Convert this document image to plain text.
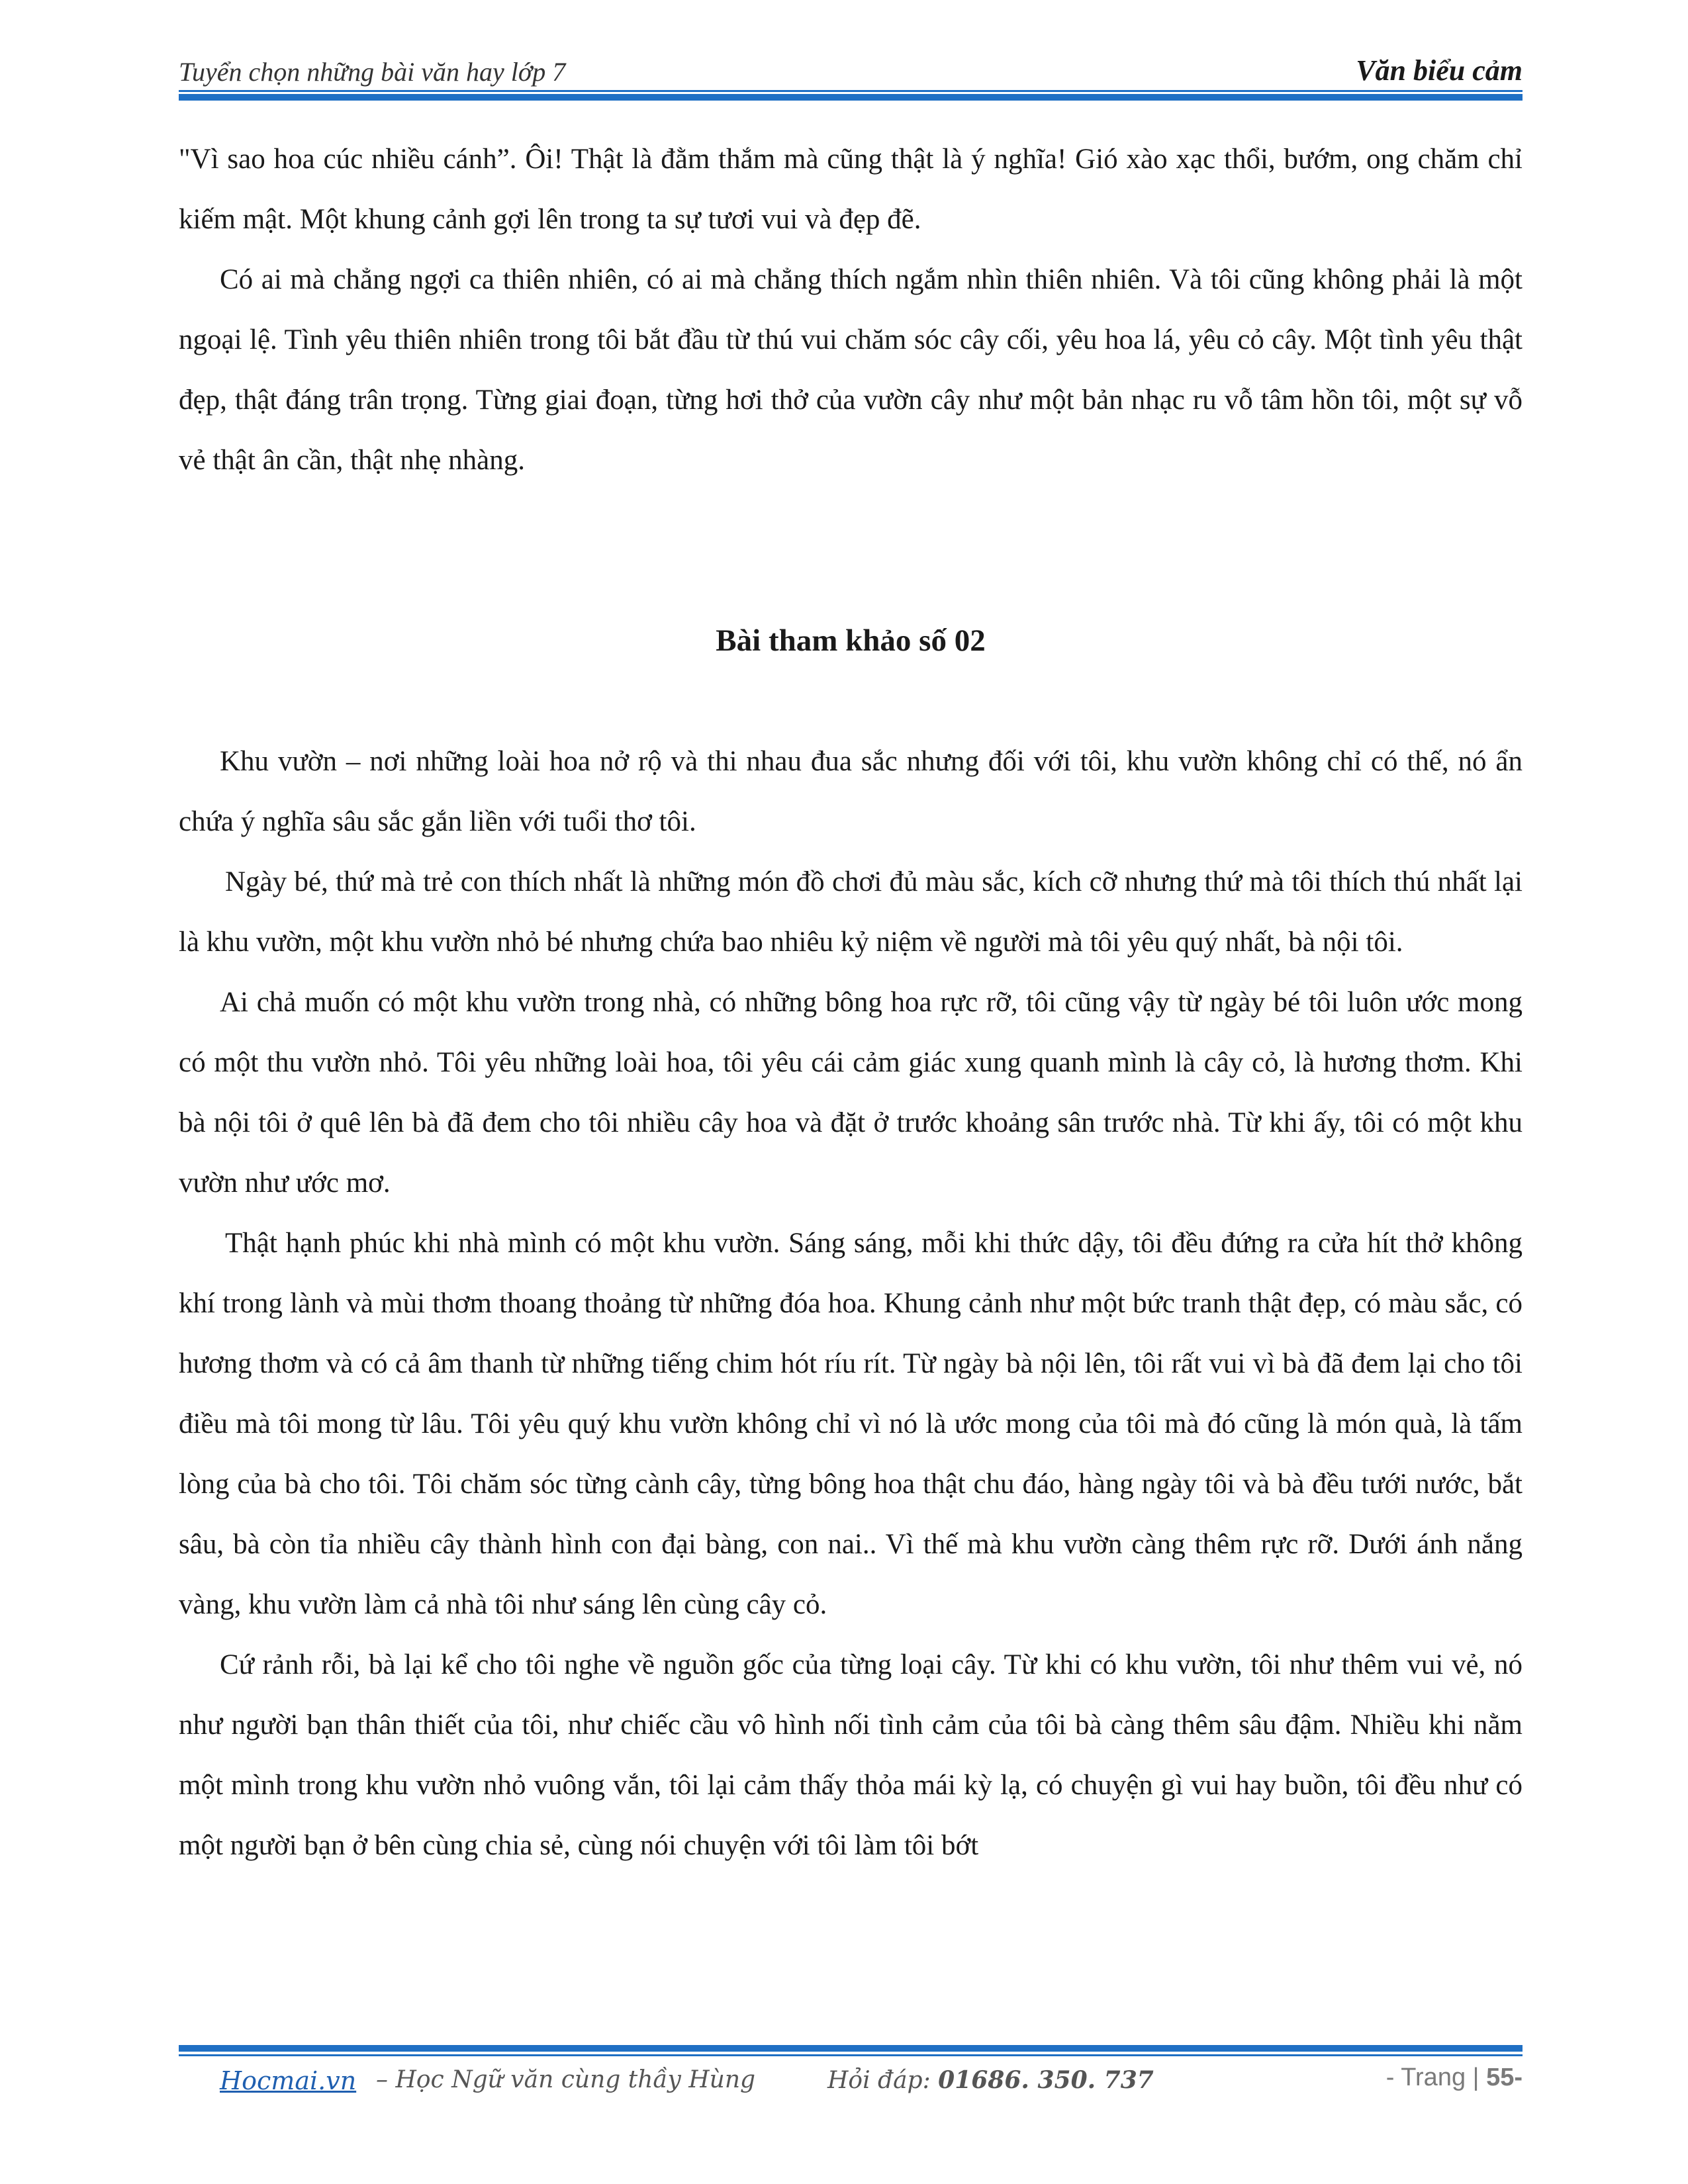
Tuyển chọn những bài văn hay lớp 7	Văn biểu cảm

"Vì sao hoa cúc nhiều cánh”. Ôi! Thật là đằm thắm mà cũng thật là ý nghĩa! Gió xào xạc thổi, bướm, ong chăm chỉ kiếm mật. Một khung cảnh gợi lên trong ta sự tươi vui và đẹp đẽ.

Có ai mà chẳng ngợi ca thiên nhiên, có ai mà chẳng thích ngắm nhìn thiên nhiên. Và tôi cũng không phải là một ngoại lệ. Tình yêu thiên nhiên trong tôi bắt đầu từ thú vui chăm sóc cây cối, yêu hoa lá, yêu cỏ cây. Một tình yêu thật đẹp, thật đáng trân trọng. Từng giai đoạn, từng hơi thở của vườn cây như một bản nhạc ru vỗ tâm hồn tôi, một sự vỗ vẻ thật ân cần, thật nhẹ nhàng.

Bài tham khảo số 02

Khu vườn – nơi những loài hoa nở rộ và thi nhau đua sắc nhưng đối với tôi, khu vườn không chỉ có thế, nó ẩn chứa ý nghĩa sâu sắc gắn liền với tuổi thơ tôi.

Ngày bé, thứ mà trẻ con thích nhất là những món đồ chơi đủ màu sắc, kích cỡ nhưng thứ mà tôi thích thú nhất lại là khu vườn, một khu vườn nhỏ bé nhưng chứa bao nhiêu kỷ niệm về người mà tôi yêu quý nhất, bà nội tôi.

Ai chả muốn có một khu vườn trong nhà, có những bông hoa rực rỡ, tôi cũng vậy từ ngày bé tôi luôn ước mong có một thu vườn nhỏ. Tôi yêu những loài hoa, tôi yêu cái cảm giác xung quanh mình là cây cỏ, là hương thơm. Khi bà nội tôi ở quê lên bà đã đem cho tôi nhiều cây hoa và đặt ở trước khoảng sân trước nhà. Từ khi ấy, tôi có một khu vườn như ước mơ.

Thật hạnh phúc khi nhà mình có một khu vườn. Sáng sáng, mỗi khi thức dậy, tôi đều đứng ra cửa hít thở không khí trong lành và mùi thơm thoang thoảng từ những đóa hoa. Khung cảnh như một bức tranh thật đẹp, có màu sắc, có hương thơm và có cả âm thanh từ những tiếng chim hót ríu rít. Từ ngày bà nội lên, tôi rất vui vì bà đã đem lại cho tôi điều mà tôi mong từ lâu. Tôi yêu quý khu vườn không chỉ vì nó là ước mong của tôi mà đó cũng là món quà, là tấm lòng của bà cho tôi. Tôi chăm sóc từng cành cây, từng bông hoa thật chu đáo, hàng ngày tôi và bà đều tưới nước, bắt sâu, bà còn tỉa nhiều cây thành hình con đại bàng, con nai.. Vì thế mà khu vườn càng thêm rực rỡ. Dưới ánh nắng vàng, khu vườn làm cả nhà tôi như sáng lên cùng cây cỏ.

Cứ rảnh rỗi, bà lại kể cho tôi nghe về nguồn gốc của từng loại cây. Từ khi có khu vườn, tôi như thêm vui vẻ, nó như người bạn thân thiết của tôi, như chiếc cầu vô hình nối tình cảm của tôi bà càng thêm sâu đậm. Nhiều khi nằm một mình trong khu vườn nhỏ vuông vắn, tôi lại cảm thấy thỏa mái kỳ lạ, có chuyện gì vui hay buồn, tôi đều như có một người bạn ở bên cùng chia sẻ, cùng nói chuyện với tôi làm tôi bớt

Hocmai.vn – Học Ngữ văn cùng thầy Hùng	Hỏi đáp: 01686. 350. 737	- Trang | 55-
